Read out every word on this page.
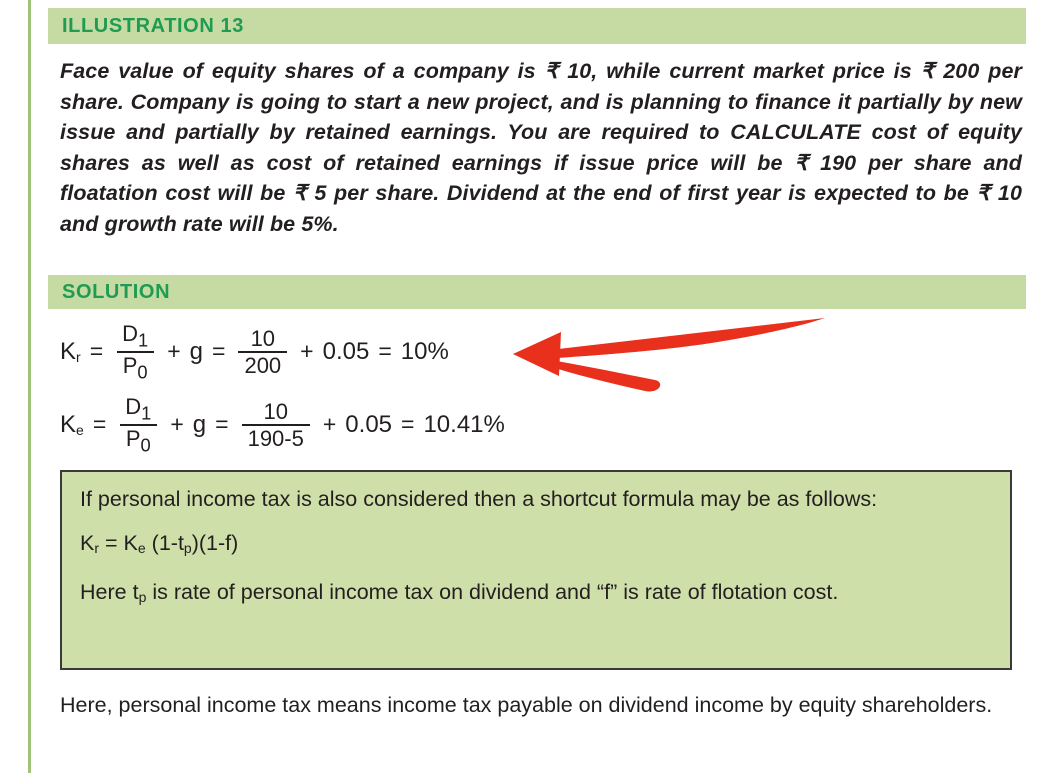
ILLUSTRATION 13
Face value of equity shares of a company is ₹ 10, while current market price is ₹ 200 per share. Company is going to start a new project, and is planning to finance it partially by new issue and partially by retained earnings. You are required to CALCULATE cost of equity shares as well as cost of retained earnings if issue price will be ₹ 190 per share and floatation cost will be ₹ 5 per share. Dividend at the end of first year is expected to be ₹ 10 and growth rate will be 5%.
SOLUTION
$K_r = \frac{D_1}{P_0} + g = \frac{10}{200} + 0.05 = 10\%$
$K_e = \frac{D_1}{P_0} + g = \frac{10}{190-5} + 0.05 = 10.41\%$
If personal income tax is also considered then a shortcut formula may be as follows:
$K_r = K_e$ $(1-t_p)(1-f)$
Here $t_p$ is rate of personal income tax on dividend and “f” is rate of flotation cost.
Here, personal income tax means income tax payable on dividend income by equity shareholders.
